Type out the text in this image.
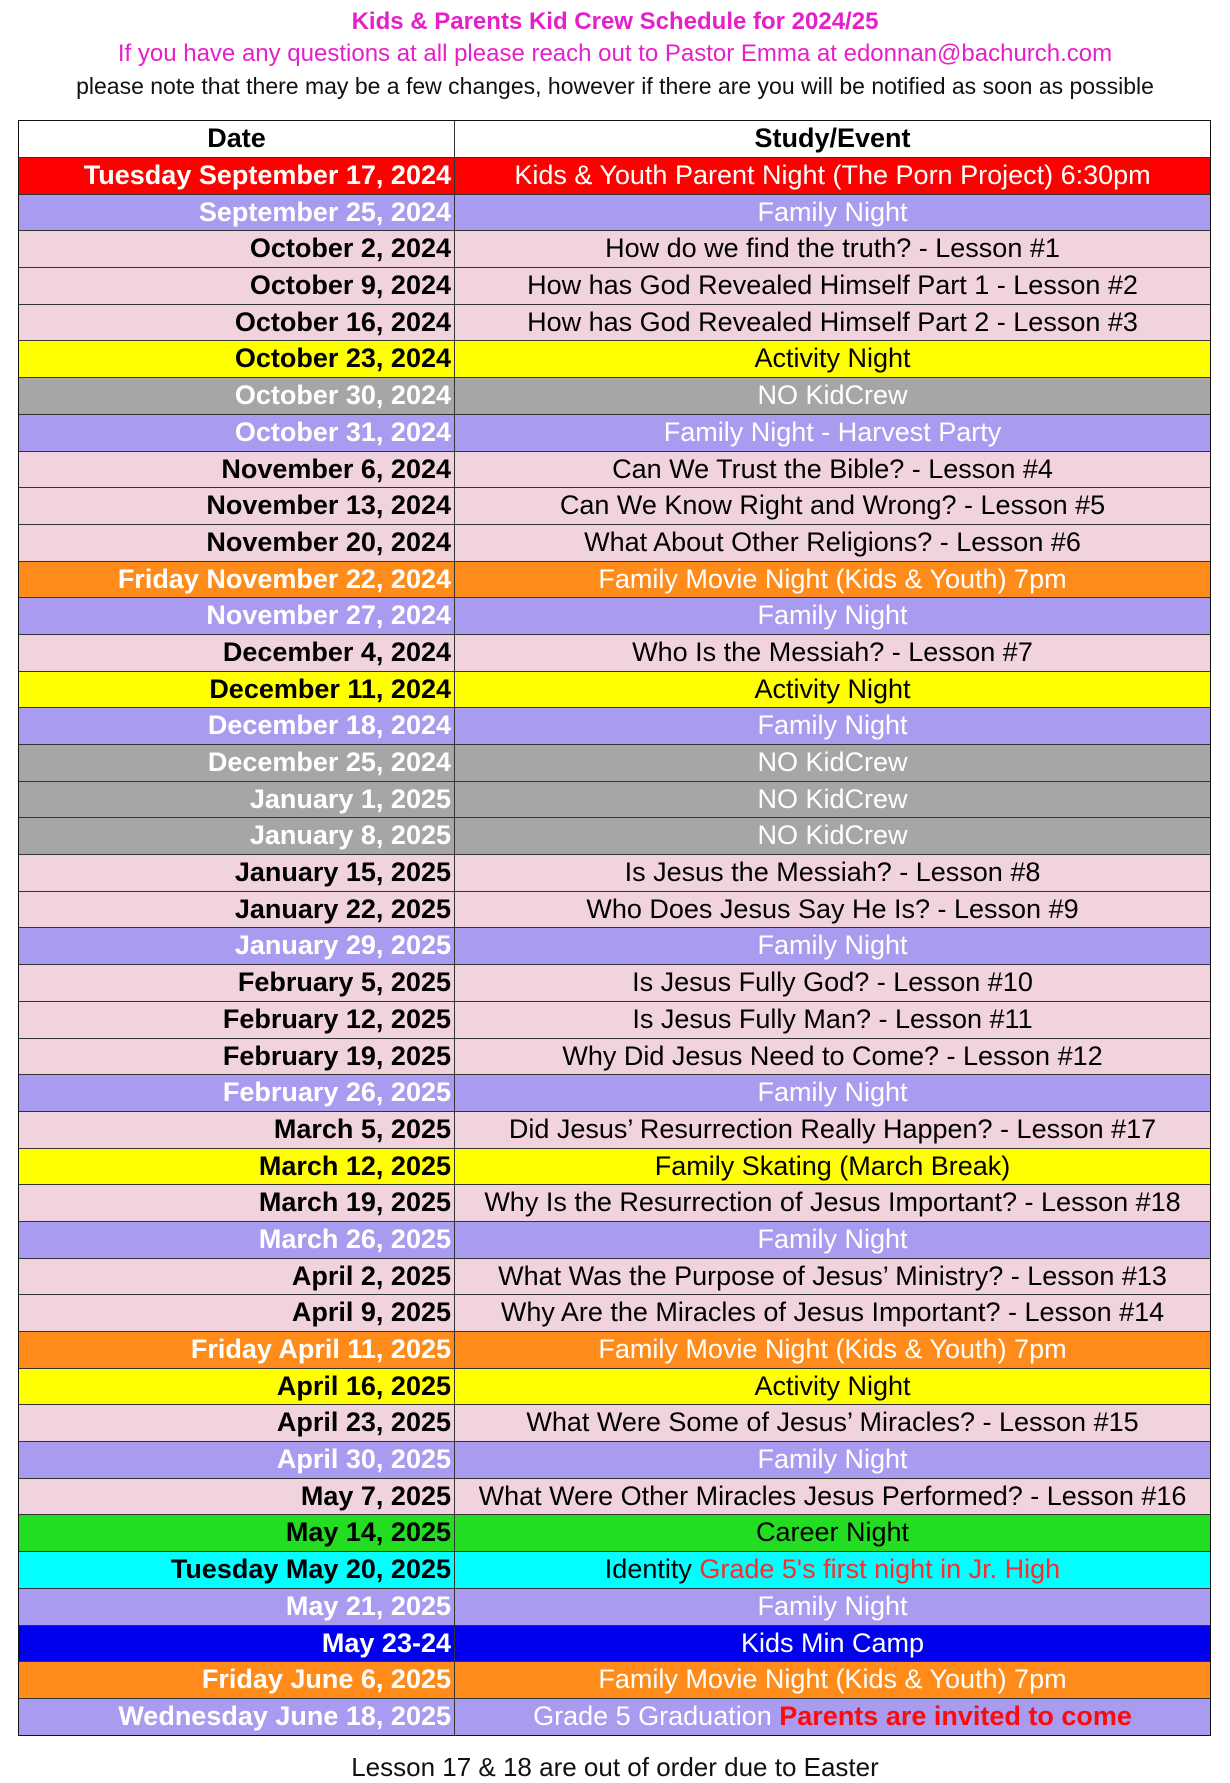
Kids & Parents Kid Crew Schedule for 2024/25
If you have any questions at all please reach out to Pastor Emma at edonnan@bachurch.com
please note that there may be a few changes, however if there are you will be notified as soon as possible
Date	Study/Event
Tuesday September 17, 2024	Kids & Youth Parent Night (The Porn Project) 6:30pm
September 25, 2024	Family Night
October 2, 2024	How do we find the truth? - Lesson #1
October 9, 2024	How has God Revealed Himself Part 1 - Lesson #2
October 16, 2024	How has God Revealed Himself Part 2 - Lesson #3
October 23, 2024	Activity Night
October 30, 2024	NO KidCrew
October 31, 2024	Family Night - Harvest Party
November 6, 2024	Can We Trust the Bible? - Lesson #4
November 13, 2024	Can We Know Right and Wrong? - Lesson #5
November 20, 2024	What About Other Religions? - Lesson #6
Friday November 22, 2024	Family Movie Night (Kids & Youth) 7pm
November 27, 2024	Family Night
December 4, 2024	Who Is the Messiah? - Lesson #7
December 11, 2024	Activity Night
December 18, 2024	Family Night
December 25, 2024	NO KidCrew
January 1, 2025	NO KidCrew
January 8, 2025	NO KidCrew
January 15, 2025	Is Jesus the Messiah? - Lesson #8
January 22, 2025	Who Does Jesus Say He Is? - Lesson #9
January 29, 2025	Family Night
February 5, 2025	Is Jesus Fully God? - Lesson #10
February 12, 2025	Is Jesus Fully Man? - Lesson #11
February 19, 2025	Why Did Jesus Need to Come? - Lesson #12
February 26, 2025	Family Night
March 5, 2025	Did Jesus’ Resurrection Really Happen? - Lesson #17
March 12, 2025	Family Skating (March Break)
March 19, 2025	Why Is the Resurrection of Jesus Important? - Lesson #18
March 26, 2025	Family Night
April 2, 2025	What Was the Purpose of Jesus’ Ministry? - Lesson #13
April 9, 2025	Why Are the Miracles of Jesus Important? - Lesson #14
Friday April 11, 2025	Family Movie Night (Kids & Youth) 7pm
April 16, 2025	Activity Night
April 23, 2025	What Were Some of Jesus’ Miracles? - Lesson #15
April 30, 2025	Family Night
May 7, 2025	What Were Other Miracles Jesus Performed? - Lesson #16
May 14, 2025	Career Night
Tuesday May 20, 2025	Identity Grade 5's first night in Jr. High
May 21, 2025	Family Night
May 23-24	Kids Min Camp
Friday June 6, 2025	Family Movie Night (Kids & Youth) 7pm
Wednesday June 18, 2025	Grade 5 Graduation Parents are invited to come
Lesson 17 & 18 are out of order due to Easter
